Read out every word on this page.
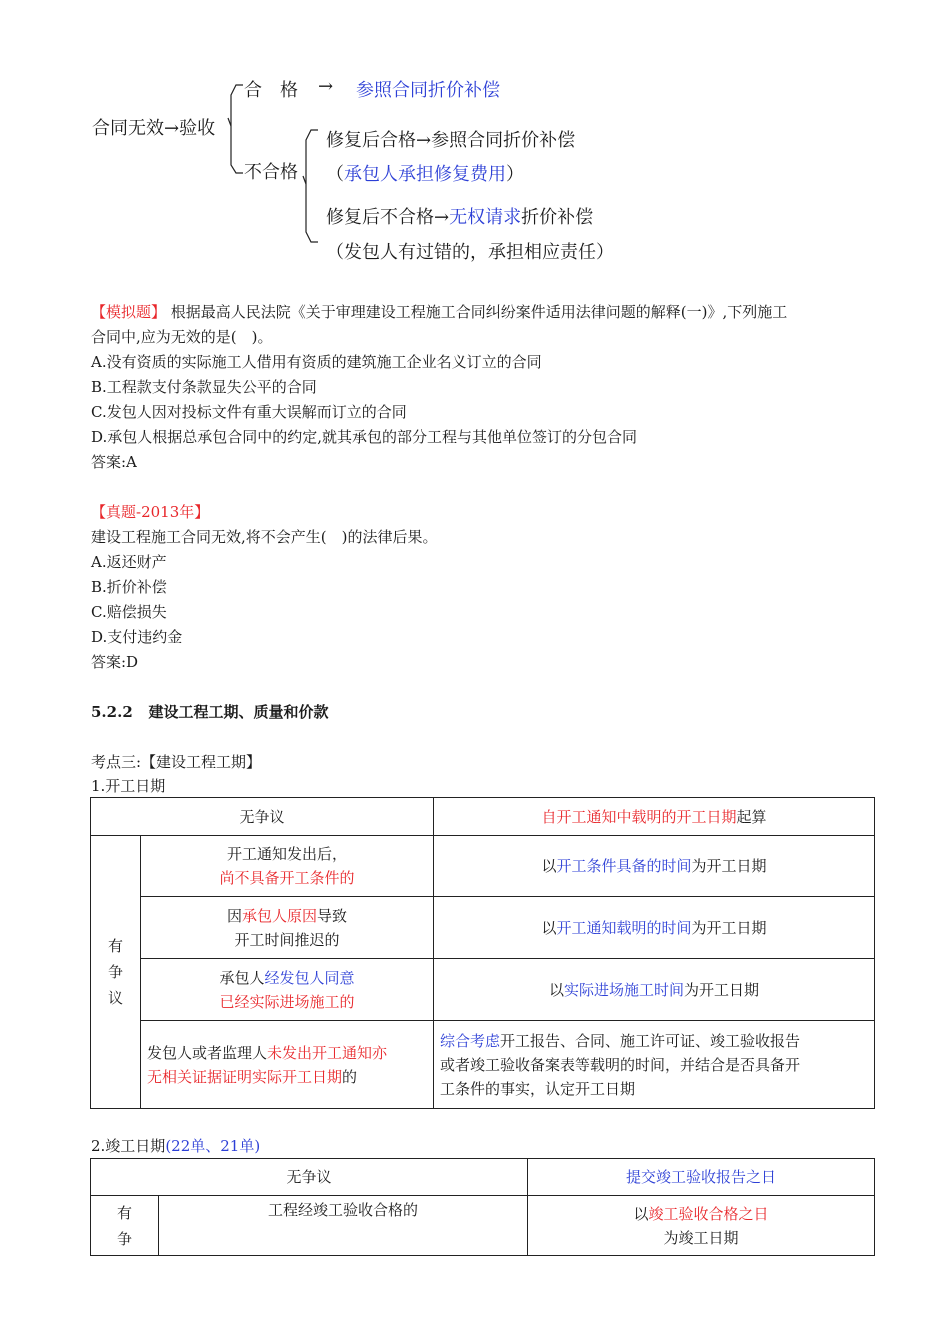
合同无效→验收
合　格 → 参照合同折价补偿
不合格
修复后合格→参照合同折价补偿
（承包人承担修复费用）
修复后不合格→无权请求折价补偿
（发包人有过错的，承担相应责任）
【模拟题】 根据最高人民法院《关于审理建设工程施工合同纠纷案件适用法律问题的解释(一)》,下列施工
合同中,应为无效的是(　)。
A.没有资质的实际施工人借用有资质的建筑施工企业名义订立的合同
B.工程款支付条款显失公平的合同
C.发包人因对投标文件有重大误解而订立的合同
D.承包人根据总承包合同中的约定,就其承包的部分工程与其他单位签订的分包合同
答案:A
【真题-2013年】
建设工程施工合同无效,将不会产生(　)的法律后果。
A.返还财产
B.折价补偿
C.赔偿损失
D.支付违约金
答案:D
5.2.2 建设工程工期、质量和价款
考点三:【建设工程工期】
1.开工日期
无争议		自开工通知中载明的开工日期起算
有
争
议	开工通知发出后，
尚不具备开工条件的	以开工条件具备的时间为开工日期
	因承包人原因导致
开工时间推迟的	以开工通知载明的时间为开工日期
	承包人经发包人同意
已经实际进场施工的	以实际进场施工时间为开工日期
	发包人或者监理人未发出开工通知亦
无相关证据证明实际开工日期的	综合考虑开工报告、合同、施工许可证、竣工验收报告
或者竣工验收备案表等载明的时间，并结合是否具备开
工条件的事实，认定开工日期
2.竣工日期(22单、21单)
无争议		提交竣工验收报告之日
有
争	工程经竣工验收合格的	以竣工验收合格之日
为竣工日期
